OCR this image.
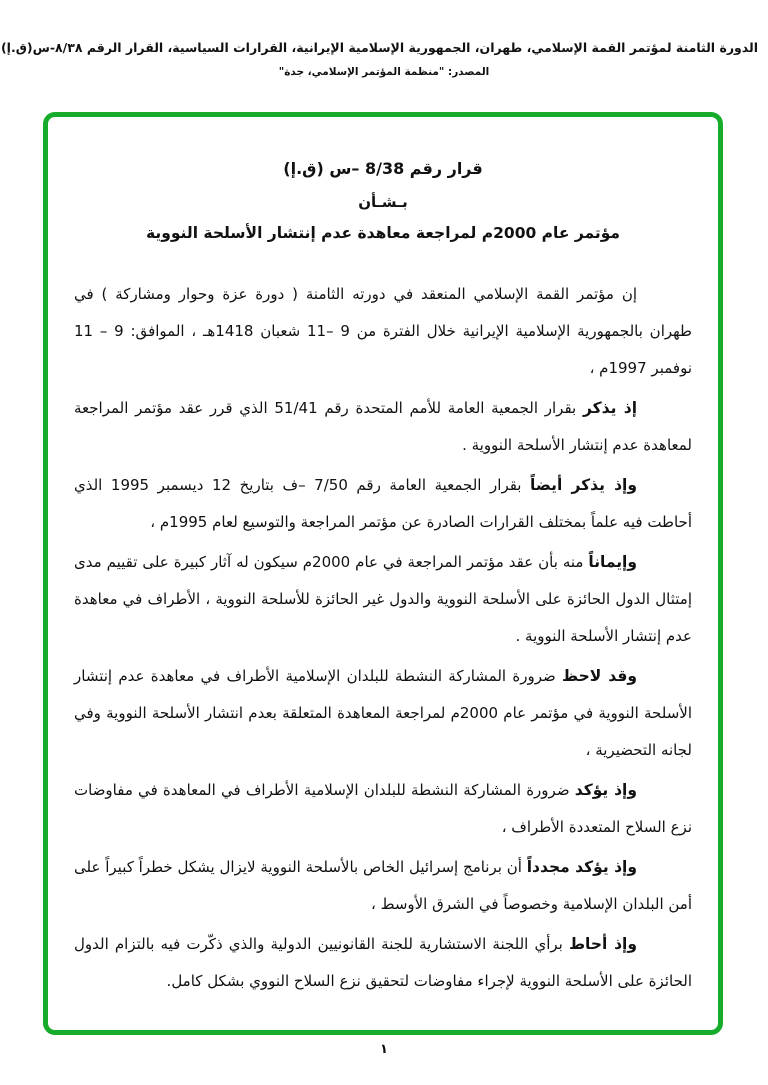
الدورة الثامنة لمؤتمر القمة الإسلامي، طهران، الجمهورية الإسلامية الإيرانية، القرارات السياسية، القرار الرقم ٨/٣٨-س(ق.إ)
المصدر: "منظمة المؤتمر الإسلامي، جدة"
قرار رقم 8/38 –س (ق.إ)
بـشـأن
مؤتمر عام 2000م لمراجعة معاهدة عدم إنتشار الأسلحة النووية

إن مؤتمر القمة الإسلامي المنعقد في دورته الثامنة ( دورة عزة وحوار ومشاركة ) في طهران بالجمهورية الإسلامية الإيرانية خلال الفترة من 9 –11 شعبان 1418هـ ، الموافق: 9 – 11 نوفمبر 1997م ،

إذ يذكر بقرار الجمعية العامة للأمم المتحدة رقم 51/41 الذي قرر عقد مؤتمر المراجعة لمعاهدة عدم إنتشار الأسلحة النووية .

وإذ يذكر أيضاً بقرار الجمعية العامة رقم 7/50 –ف بتاريخ 12 ديسمبر 1995 الذي أحاطت فيه علماً بمختلف القرارات الصادرة عن مؤتمر المراجعة والتوسيع لعام 1995م ،

وإيماناً منه بأن عقد مؤتمر المراجعة في عام 2000م سيكون له آثار كبيرة على تقييم مدى إمتثال الدول الحائزة على الأسلحة النووية والدول غير الحائزة للأسلحة النووية ، الأطراف في معاهدة عدم إنتشار الأسلحة النووية .

وقد لاحظ ضرورة المشاركة النشطة للبلدان الإسلامية الأطراف في معاهدة عدم إنتشار الأسلحة النووية في مؤتمر عام 2000م لمراجعة المعاهدة المتعلقة بعدم انتشار الأسلحة النووية وفي لجانه التحضيرية ،

وإذ يؤكد ضرورة المشاركة النشطة للبلدان الإسلامية الأطراف في المعاهدة في مفاوضات نزع السلاح المتعددة الأطراف ،

وإذ يؤكد مجدداً أن برنامج إسرائيل الخاص بالأسلحة النووية لايزال يشكل خطراً كبيراً على أمن البلدان الإسلامية وخصوصاً في الشرق الأوسط ،

وإذ أحاط برأي اللجنة الاستشارية للجنة القانونيين الدولية والذي ذكّرت فيه بالتزام الدول الحائزة على الأسلحة النووية لإجراء مفاوضات لتحقيق نزع السلاح النووي بشكل كامل.

١
